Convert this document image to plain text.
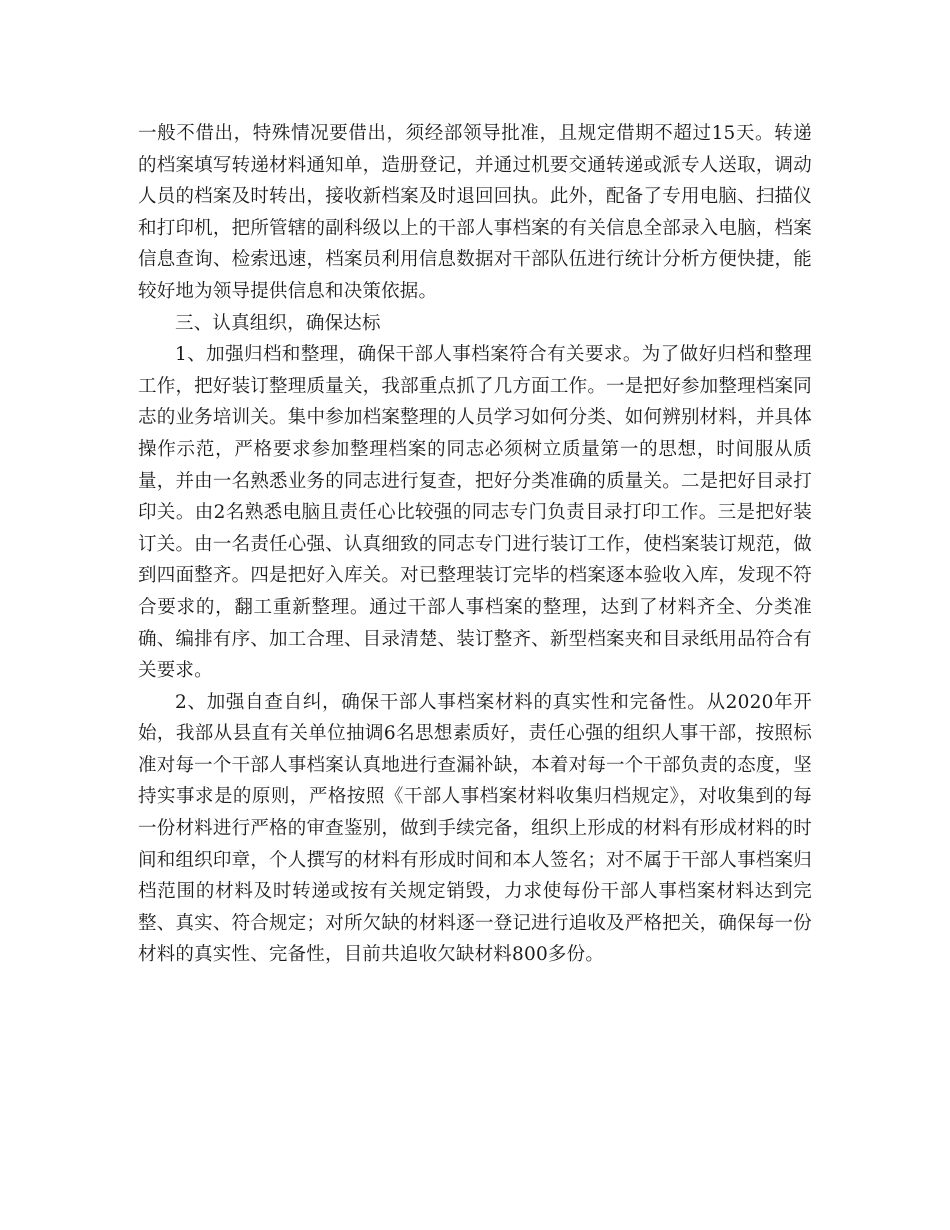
一般不借出，特殊情况要借出，须经部领导批准，且规定借期不超过15天。转递的档案填写转递材料通知单，造册登记，并通过机要交通转递或派专人送取，调动人员的档案及时转出，接收新档案及时退回回执。此外，配备了专用电脑、扫描仪和打印机，把所管辖的副科级以上的干部人事档案的有关信息全部录入电脑，档案信息查询、检索迅速，档案员利用信息数据对干部队伍进行统计分析方便快捷，能较好地为领导提供信息和决策依据。

三、认真组织，确保达标

1、加强归档和整理，确保干部人事档案符合有关要求。为了做好归档和整理工作，把好装订整理质量关，我部重点抓了几方面工作。一是把好参加整理档案同志的业务培训关。集中参加档案整理的人员学习如何分类、如何辨别材料，并具体操作示范，严格要求参加整理档案的同志必须树立质量第一的思想，时间服从质量，并由一名熟悉业务的同志进行复查，把好分类准确的质量关。二是把好目录打印关。由2名熟悉电脑且责任心比较强的同志专门负责目录打印工作。三是把好装订关。由一名责任心强、认真细致的同志专门进行装订工作，使档案装订规范，做到四面整齐。四是把好入库关。对已整理装订完毕的档案逐本验收入库，发现不符合要求的，翻工重新整理。通过干部人事档案的整理，达到了材料齐全、分类准确、编排有序、加工合理、目录清楚、装订整齐、新型档案夹和目录纸用品符合有关要求。

2、加强自查自纠，确保干部人事档案材料的真实性和完备性。从2020年开始，我部从县直有关单位抽调6名思想素质好，责任心强的组织人事干部，按照标准对每一个干部人事档案认真地进行查漏补缺，本着对每一个干部负责的态度，坚持实事求是的原则，严格按照《干部人事档案材料收集归档规定》，对收集到的每一份材料进行严格的审查鉴别，做到手续完备，组织上形成的材料有形成材料的时间和组织印章，个人撰写的材料有形成时间和本人签名；对不属于干部人事档案归档范围的材料及时转递或按有关规定销毁，力求使每份干部人事档案材料达到完整、真实、符合规定；对所欠缺的材料逐一登记进行追收及严格把关，确保每一份材料的真实性、完备性，目前共追收欠缺材料800多份。
